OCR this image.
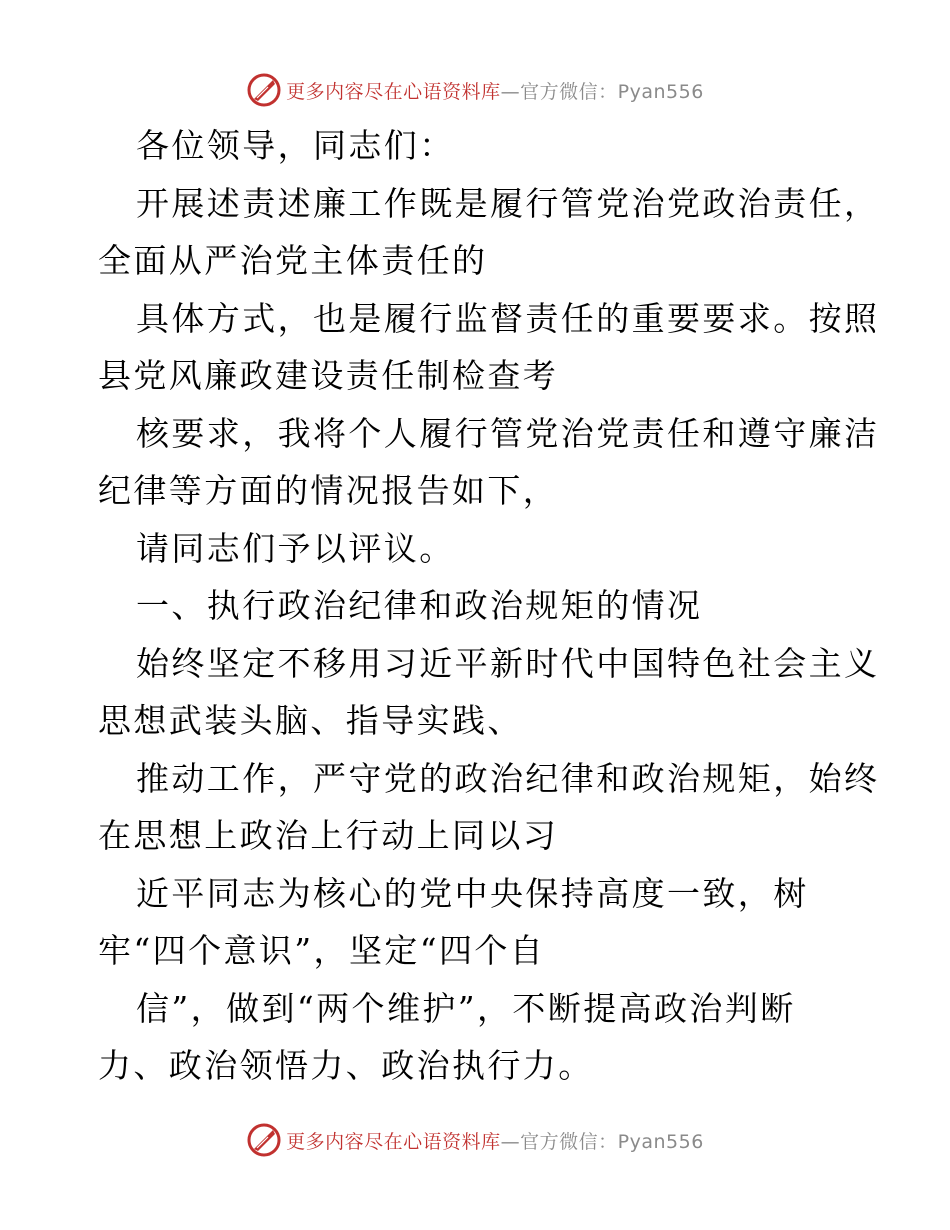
更多内容尽在心语资料库—官方微信：Pyan556
各位领导，同志们：
开展述责述廉工作既是履行管党治党政治责任，
全面从严治党主体责任的
具体方式，也是履行监督责任的重要要求。按照
县党风廉政建设责任制检查考
核要求，我将个人履行管党治党责任和遵守廉洁
纪律等方面的情况报告如下，
请同志们予以评议。
一、执行政治纪律和政治规矩的情况
始终坚定不移用习近平新时代中国特色社会主义
思想武装头脑、指导实践、
推动工作，严守党的政治纪律和政治规矩，始终
在思想上政治上行动上同以习
近平同志为核心的党中央保持高度一致，树
牢“四个意识”，坚定“四个自
信”，做到“两个维护”，不断提高政治判断
力、政治领悟力、政治执行力。
更多内容尽在心语资料库—官方微信：Pyan556
